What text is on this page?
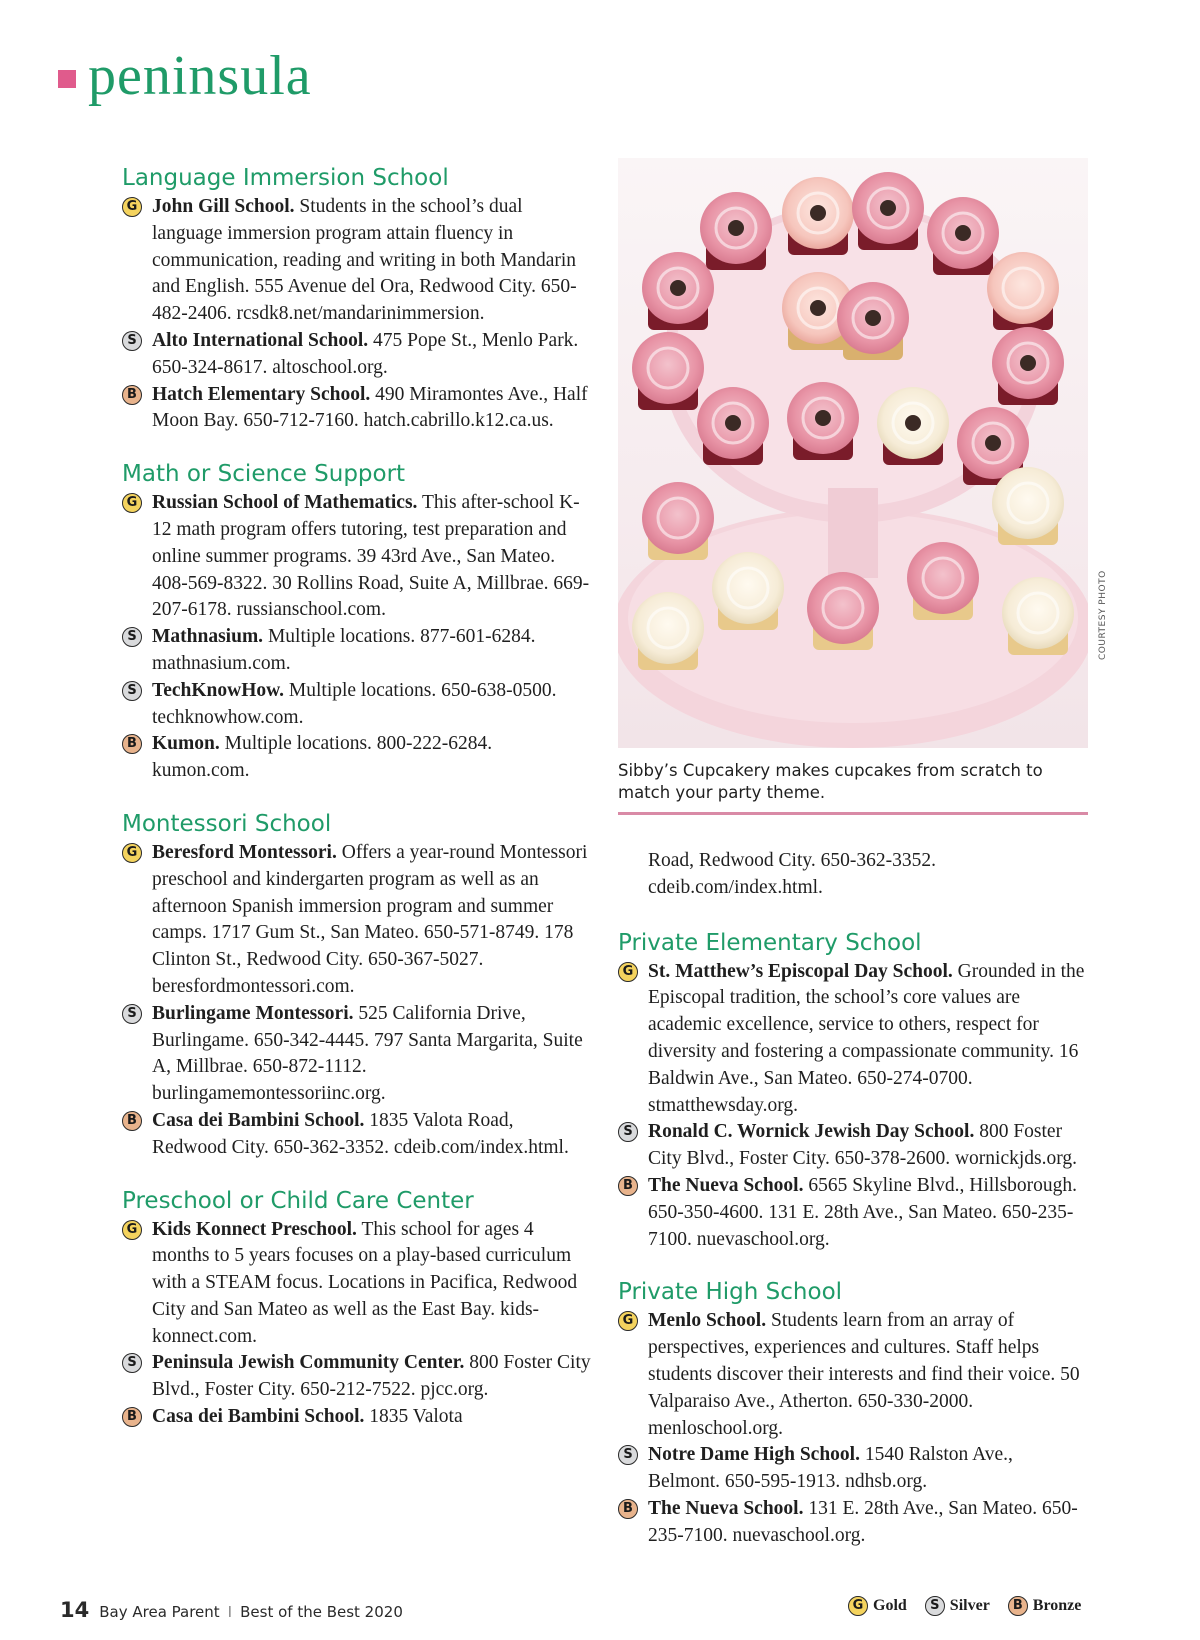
peninsula
Language Immersion School

G John Gill School. Students in the school’s dual language immersion program attain fluency in communication, reading and writing in both Mandarin and English. 555 Avenue del Ora, Redwood City. 650-482-2406. rcsdk8.net/mandarinimmersion.

S Alto International School. 475 Pope St., Menlo Park. 650-324-8617. altoschool.org.

B Hatch Elementary School. 490 Miramontes Ave., Half Moon Bay. 650-712-7160. hatch.cabrillo.k12.ca.us.

Math or Science Support

G Russian School of Mathematics. This after-school K-12 math program offers tutoring, test preparation and online summer programs. 39 43rd Ave., San Mateo. 408-569-8322. 30 Rollins Road, Suite A, Millbrae. 669-207-6178. russianschool.com.

S Mathnasium. Multiple locations. 877-601-6284. mathnasium.com.

S TechKnowHow. Multiple locations. 650-638-0500. techknowhow.com.

B Kumon. Multiple locations. 800-222-6284. kumon.com.

Montessori School

G Beresford Montessori. Offers a year-round Montessori preschool and kindergarten program as well as an afternoon Spanish immersion program and summer camps. 1717 Gum St., San Mateo. 650-571-8749. 178 Clinton St., Redwood City. 650-367-5027. beresfordmontessori.com.

S Burlingame Montessori. 525 California Drive, Burlingame. 650-342-4445. 797 Santa Margarita, Suite A, Millbrae. 650-872-1112. burlingamemontessoriinc.org.

B Casa dei Bambini School. 1835 Valota Road, Redwood City. 650-362-3352. cdeib.com/index.html.

Preschool or Child Care Center

G Kids Konnect Preschool. This school for ages 4 months to 5 years focuses on a play-based curriculum with a STEAM focus. Locations in Pacifica, Redwood City and San Mateo as well as the East Bay. kids-konnect.com.

S Peninsula Jewish Community Center. 800 Foster City Blvd., Foster City. 650-212-7522. pjcc.org.

B Casa dei Bambini School. 1835 Valota

COURTESY PHOTO
Sibby’s Cupcakery makes cupcakes from scratch to match your party theme.

Road, Redwood City. 650-362-3352. cdeib.com/index.html.

Private Elementary School

G St. Matthew’s Episcopal Day School. Grounded in the Episcopal tradition, the school’s core values are academic excellence, service to others, respect for diversity and fostering a compassionate community. 16 Baldwin Ave., San Mateo. 650-274-0700. stmatthewsday.org.

S Ronald C. Wornick Jewish Day School. 800 Foster City Blvd., Foster City. 650-378-2600. wornickjds.org.

B The Nueva School. 6565 Skyline Blvd., Hillsborough. 650-350-4600. 131 E. 28th Ave., San Mateo. 650-235-7100. nuevaschool.org.

Private High School

G Menlo School. Students learn from an array of perspectives, experiences and cultures. Staff helps students discover their interests and find their voice. 50 Valparaiso Ave., Atherton. 650-330-2000. menloschool.org.

S Notre Dame High School. 1540 Ralston Ave., Belmont. 650-595-1913. ndhsb.org.

B The Nueva School. 131 E. 28th Ave., San Mateo. 650-235-7100. nuevaschool.org.

14 Bay Area Parent I Best of the Best 2020	G Gold	S Silver	B Bronze
